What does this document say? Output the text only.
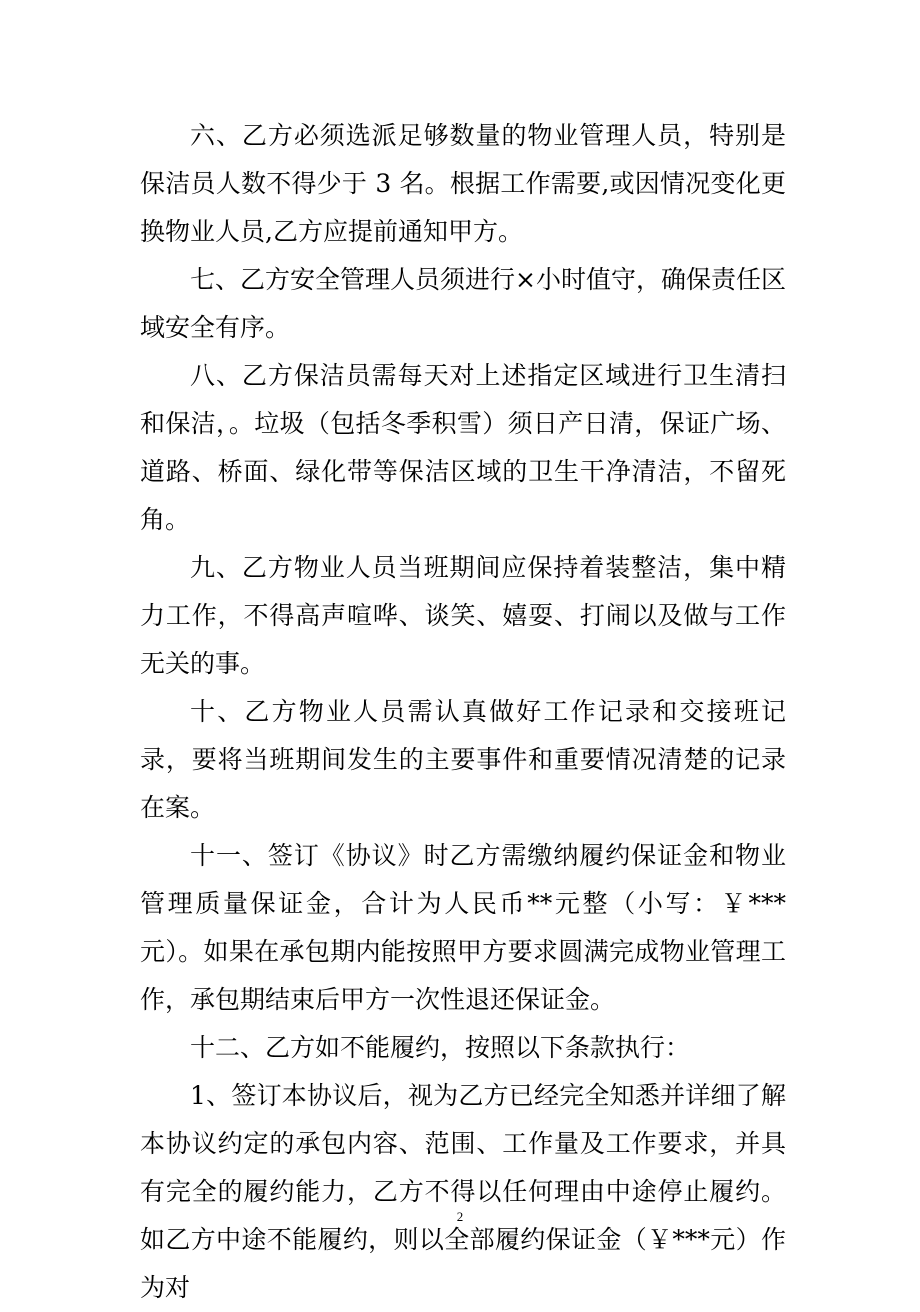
六、乙方必须选派足够数量的物业管理人员，特别是保洁员人数不得少于 3 名。根据工作需要,或因情况变化更换物业人员,乙方应提前通知甲方。

七、乙方安全管理人员须进行×小时值守，确保责任区域安全有序。

八、乙方保洁员需每天对上述指定区域进行卫生清扫和保洁，。垃圾（包括冬季积雪）须日产日清，保证广场、道路、桥面、绿化带等保洁区域的卫生干净清洁，不留死角。

九、乙方物业人员当班期间应保持着装整洁，集中精力工作，不得高声喧哗、谈笑、嬉耍、打闹以及做与工作无关的事。

十、乙方物业人员需认真做好工作记录和交接班记录，要将当班期间发生的主要事件和重要情况清楚的记录在案。

十一、签订《协议》时乙方需缴纳履约保证金和物业管理质量保证金，合计为人民币**元整（小写：￥***元）。如果在承包期内能按照甲方要求圆满完成物业管理工作，承包期结束后甲方一次性退还保证金。

十二、乙方如不能履约，按照以下条款执行：

1、签订本协议后，视为乙方已经完全知悉并详细了解本协议约定的承包内容、范围、工作量及工作要求，并具有完全的履约能力，乙方不得以任何理由中途停止履约。如乙方中途不能履约，则以全部履约保证金（￥***元）作为对

2
